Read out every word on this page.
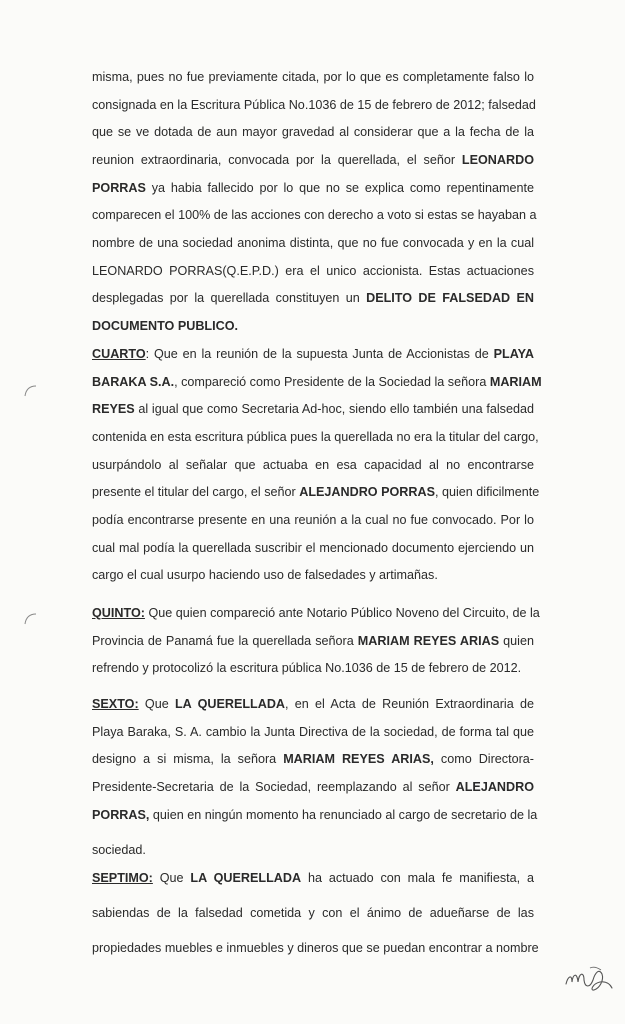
misma, pues no fue previamente citada, por lo que es completamente falso lo
consignada en la Escritura Pública No.1036 de 15 de febrero de 2012; falsedad
que se ve dotada de aun mayor gravedad al considerar que a la fecha de la
reunion extraordinaria, convocada por la querellada, el señor LEONARDO
PORRAS ya habia fallecido por lo que no se explica como repentinamente
comparecen el 100% de las acciones con derecho a voto si estas se hayaban a
nombre de una sociedad anonima distinta, que no fue convocada y en la cual
LEONARDO PORRAS(Q.E.P.D.) era el unico accionista. Estas actuaciones
desplegadas por la querellada constituyen un DELITO DE FALSEDAD EN
DOCUMENTO PUBLICO.
CUARTO: Que en la reunión de la supuesta Junta de Accionistas de PLAYA
BARAKA S.A., compareció como Presidente de la Sociedad la señora MARIAM
REYES al igual que como Secretaria Ad-hoc, siendo ello también una falsedad
contenida en esta escritura pública pues la querellada no era la titular del cargo,
usurpándolo al señalar que actuaba en esa capacidad al no encontrarse
presente el titular del cargo, el señor ALEJANDRO PORRAS, quien dificilmente
podía encontrarse presente en una reunión a la cual no fue convocado. Por lo
cual mal podía la querellada suscribir el mencionado documento ejerciendo un
cargo el cual usurpo haciendo uso de falsedades y artimañas.
QUINTO: Que quien compareció ante Notario Público Noveno del Circuito, de la
Provincia de Panamá fue la querellada señora MARIAM REYES ARIAS quien
refrendo y protocolizó la escritura pública No.1036 de 15 de febrero de 2012.
SEXTO: Que LA QUERELLADA, en el Acta de Reunión Extraordinaria de
Playa Baraka, S. A. cambio la Junta Directiva de la sociedad, de forma tal que
designo a si misma, la señora MARIAM REYES ARIAS, como Directora-
Presidente-Secretaria de la Sociedad, reemplazando al señor ALEJANDRO
PORRAS, quien en ningún momento ha renunciado al cargo de secretario de la
sociedad.
SEPTIMO: Que LA QUERELLADA ha actuado con mala fe manifiesta, a
sabiendas de la falsedad cometida y con el ánimo de adueñarse de las
propiedades muebles e inmuebles y dineros que se puedan encontrar a nombre
